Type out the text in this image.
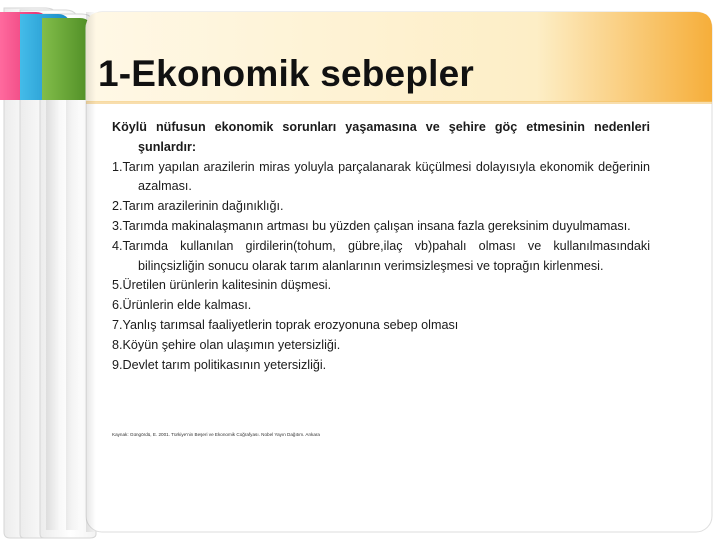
1-Ekonomik sebepler

Köylü nüfusun ekonomik sorunları yaşamasına ve şehire göç etmesinin nedenleri şunlardır:

1.Tarım yapılan arazilerin miras yoluyla parçalanarak küçülmesi dolayısıyla ekonomik değerinin azalması.
2.Tarım arazilerinin dağınıklığı.
3.Tarımda makinalaşmanın artması bu yüzden çalışan insana fazla gereksinim duyulmaması.
4.Tarımda kullanılan girdilerin(tohum, gübre,ilaç vb)pahalı olması ve kullanılmasındaki bilinçsizliğin sonucu olarak tarım alanlarının verimsizleşmesi ve toprağın kirlenmesi.
5.Üretilen ürünlerin kalitesinin düşmesi.
6.Ürünlerin elde kalması.
7.Yanlış tarımsal faaliyetlerin toprak erozyonuna sebep olması
8.Köyün şehire olan ulaşımın yetersizliği.
9.Devlet tarım politikasının yetersizliği.
Kaynak: Güngördü, E. 2001. Türkiye'nin Beşeri ve Ekonomik Coğrafyası. Nobel Yayın Dağıtım. Ankara
